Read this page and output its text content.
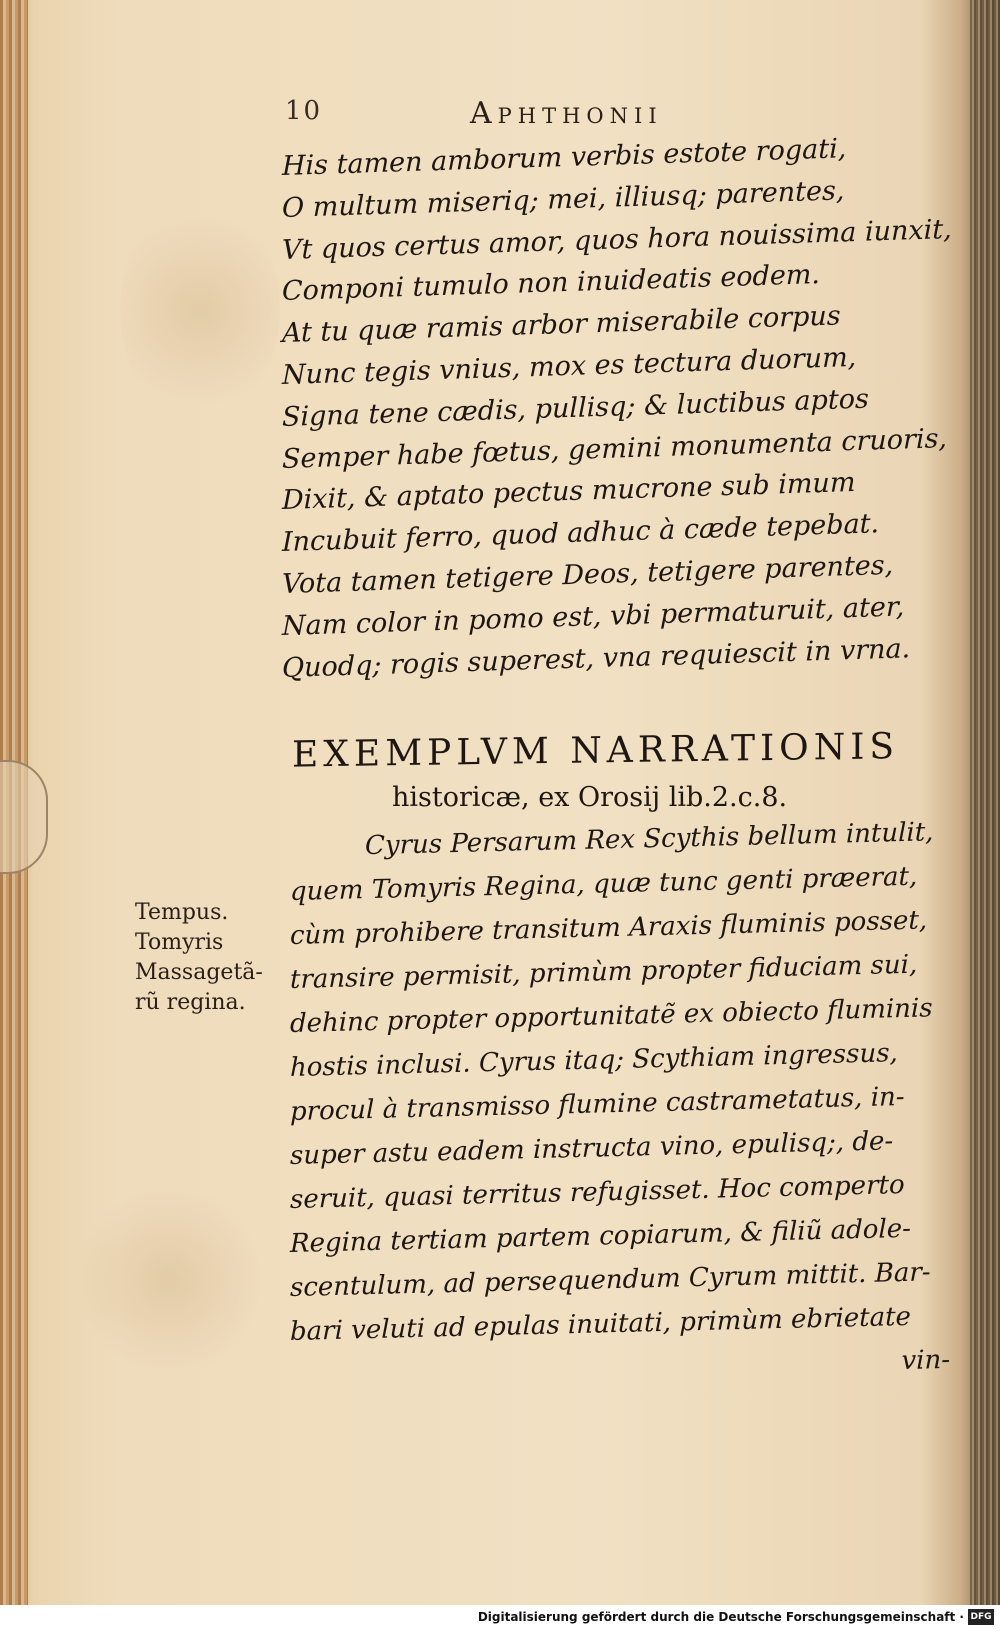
10	Aphthonii
His tamen amborum verbis estote rogati,
O multum miseriq; mei, illiusq; parentes,
Vt quos certus amor, quos hora nouissima iunxit,
Componi tumulo non inuideatis eodem.
At tu quæ ramis arbor miserabile corpus
Nunc tegis vnius, mox es tectura duorum,
Signa tene cædis, pullisq; & luctibus aptos
Semper habe fœtus, gemini monumenta cruoris,
Dixit, & aptato pectus mucrone sub imum
Incubuit ferro, quod adhuc à cæde tepebat.
Vota tamen tetigere Deos, tetigere parentes,
Nam color in pomo est, vbi permaturuit, ater,
Quodq; rogis superest, vna requiescit in vrna.
EXEMPLVM NARRATIONIS
historicæ, ex Orosij lib.2.c.8.
Tempus.
Tomyris
Massagetã-
rũ regina.
Cyrus Persarum Rex Scythis bellum intulit,
quem Tomyris Regina, quæ tunc genti præerat,
cùm prohibere transitum Araxis fluminis posset,
transire permisit, primùm propter fiduciam sui,
dehinc propter opportunitatẽ ex obiecto fluminis
hostis inclusi. Cyrus itaq; Scythiam ingressus,
procul à transmisso flumine castrametatus, in-
super astu eadem instructa vino, epulisq;, de-
seruit, quasi territus refugisset. Hoc comperto
Regina tertiam partem copiarum, & filiũ adole-
scentulum, ad persequendum Cyrum mittit. Bar-
bari veluti ad epulas inuitati, primùm ebrietate
vin-
Digitalisierung gefördert durch die Deutsche Forschungsgemeinschaft · DFG
